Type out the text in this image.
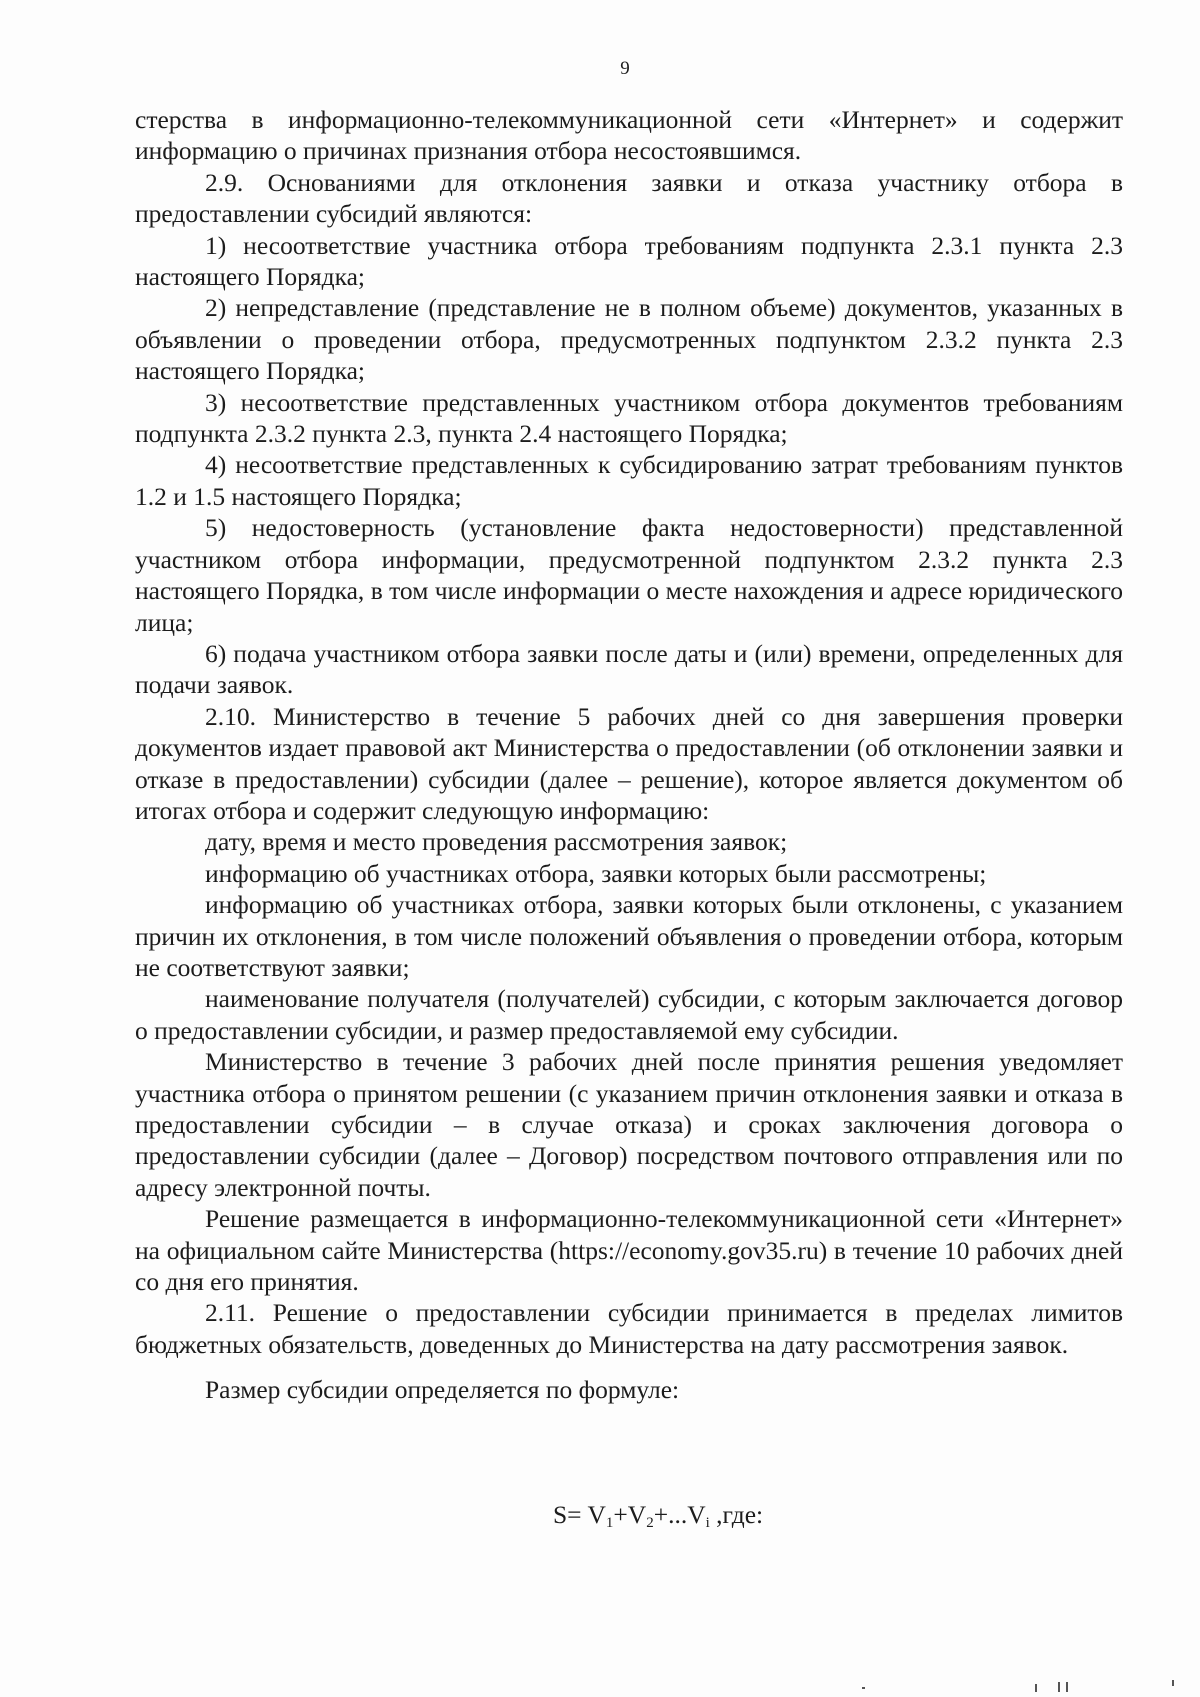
9

стерства в информационно-телекоммуникационной сети «Интернет» и содержит информацию о причинах признания отбора несостоявшимся.

2.9. Основаниями для отклонения заявки и отказа участнику отбора в предоставлении субсидий являются:

1) несоответствие участника отбора требованиям подпункта 2.3.1 пункта 2.3 настоящего Порядка;

2) непредставление (представление не в полном объеме) документов, указанных в объявлении о проведении отбора, предусмотренных подпунктом 2.3.2 пункта 2.3 настоящего Порядка;

3) несоответствие представленных участником отбора документов требованиям подпункта 2.3.2 пункта 2.3, пункта 2.4 настоящего Порядка;

4) несоответствие представленных к субсидированию затрат требованиям пунктов 1.2 и 1.5 настоящего Порядка;

5) недостоверность (установление факта недостоверности) представленной участником отбора информации, предусмотренной подпунктом 2.3.2 пункта 2.3 настоящего Порядка, в том числе информации о месте нахождения и адресе юридического лица;

6) подача участником отбора заявки после даты и (или) времени, определенных для подачи заявок.

2.10. Министерство в течение 5 рабочих дней со дня завершения проверки документов издает правовой акт Министерства о предоставлении (об отклонении заявки и отказе в предоставлении) субсидии (далее – решение), которое является документом об итогах отбора и содержит следующую информацию:

дату, время и место проведения рассмотрения заявок;

информацию об участниках отбора, заявки которых были рассмотрены;

информацию об участниках отбора, заявки которых были отклонены, с указанием причин их отклонения, в том числе положений объявления о проведении отбора, которым не соответствуют заявки;

наименование получателя (получателей) субсидии, с которым заключается договор о предоставлении субсидии, и размер предоставляемой ему субсидии.

Министерство в течение 3 рабочих дней после принятия решения уведомляет участника отбора о принятом решении (с указанием причин отклонения заявки и отказа в предоставлении субсидии – в случае отказа) и сроках заключения договора о предоставлении субсидии (далее – Договор) посредством почтового отправления или по адресу электронной почты.

Решение размещается в информационно-телекоммуникационной сети «Интернет» на официальном сайте Министерства (https://economy.gov35.ru) в течение 10 рабочих дней со дня его принятия.

2.11. Решение о предоставлении субсидии принимается в пределах лимитов бюджетных обязательств, доведенных до Министерства на дату рассмотрения заявок.

Размер субсидии определяется по формуле:

$S= V_1+V_2+...V_i$ ,где:
